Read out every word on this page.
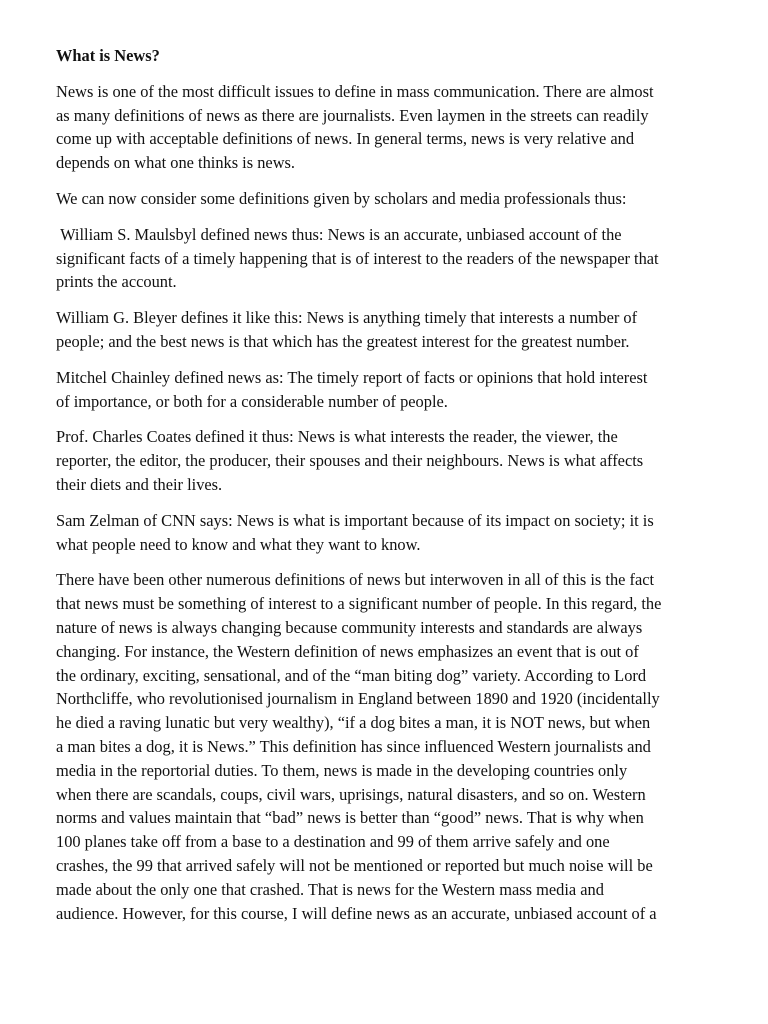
What is News?
News is one of the most difficult issues to define in mass communication. There are almost
as many definitions of news as there are journalists. Even laymen in the streets can readily
come up with acceptable definitions of news. In general terms, news is very relative and
depends on what one thinks is news.
We can now consider some definitions given by scholars and media professionals thus:
William S. Maulsbyl defined news thus: News is an accurate, unbiased account of the
significant facts of a timely happening that is of interest to the readers of the newspaper that
prints the account.
William G. Bleyer defines it like this: News is anything timely that interests a number of
people; and the best news is that which has the greatest interest for the greatest number.
Mitchel Chainley defined news as: The timely report of facts or opinions that hold interest
of importance, or both for a considerable number of people.
Prof. Charles Coates defined it thus: News is what interests the reader, the viewer, the
reporter, the editor, the producer, their spouses and their neighbours. News is what affects
their diets and their lives.
Sam Zelman of CNN says: News is what is important because of its impact on society; it is
what people need to know and what they want to know.
There have been other numerous definitions of news but interwoven in all of this is the fact
that news must be something of interest to a significant number of people. In this regard, the
nature of news is always changing because community interests and standards are always
changing. For instance, the Western definition of news emphasizes an event that is out of
the ordinary, exciting, sensational, and of the “man biting dog” variety. According to Lord
Northcliffe, who revolutionised journalism in England between 1890 and 1920 (incidentally
he died a raving lunatic but very wealthy), “if a dog bites a man, it is NOT news, but when
a man bites a dog, it is News.” This definition has since influenced Western journalists and
media in the reportorial duties. To them, news is made in the developing countries only
when there are scandals, coups, civil wars, uprisings, natural disasters, and so on. Western
norms and values maintain that “bad” news is better than “good” news. That is why when
100 planes take off from a base to a destination and 99 of them arrive safely and one
crashes, the 99 that arrived safely will not be mentioned or reported but much noise will be
made about the only one that crashed. That is news for the Western mass media and
audience. However, for this course, I will define news as an accurate, unbiased account of a
